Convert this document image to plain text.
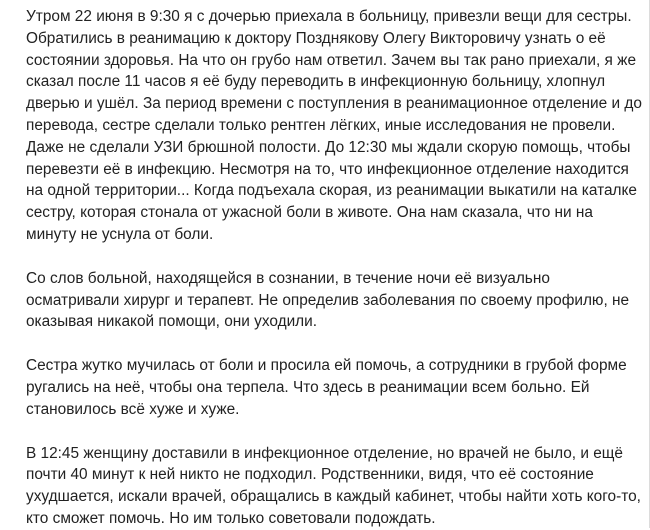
Утром 22 июня в 9:30 я с дочерью приехала в больницу, привезли вещи для сестры.
Обратились в реанимацию к доктору Позднякову Олегу Викторовичу узнать о её
состоянии здоровья. На что он грубо нам ответил. Зачем вы так рано приехали, я же
сказал после 11 часов я её буду переводить в инфекционную больницу, хлопнул
дверью и ушёл. За период времени с поступления в реанимационное отделение и до
перевода, сестре сделали только рентген лёгких, иные исследования не провели.
Даже не сделали УЗИ брюшной полости. До 12:30 мы ждали скорую помощь, чтобы
перевезти её в инфекцию. Несмотря на то, что инфекционное отделение находится
на одной территории... Когда подъехала скорая, из реанимации выкатили на каталке
сестру, которая стонала от ужасной боли в животе. Она нам сказала, что ни на
минуту не уснула от боли.

Со слов больной, находящейся в сознании, в течение ночи её визуально
осматривали хирург и терапевт. Не определив заболевания по своему профилю, не
оказывая никакой помощи, они уходили.

Сестра жутко мучилась от боли и просила ей помочь, а сотрудники в грубой форме
ругались на неё, чтобы она терпела. Что здесь в реанимации всем больно. Ей
становилось всё хуже и хуже.

В 12:45 женщину доставили в инфекционное отделение, но врачей не было, и ещё
почти 40 минут к ней никто не подходил. Родственники, видя, что её состояние
ухудшается, искали врачей, обращались в каждый кабинет, чтобы найти хоть кого-то,
кто сможет помочь. Но им только советовали подождать.
